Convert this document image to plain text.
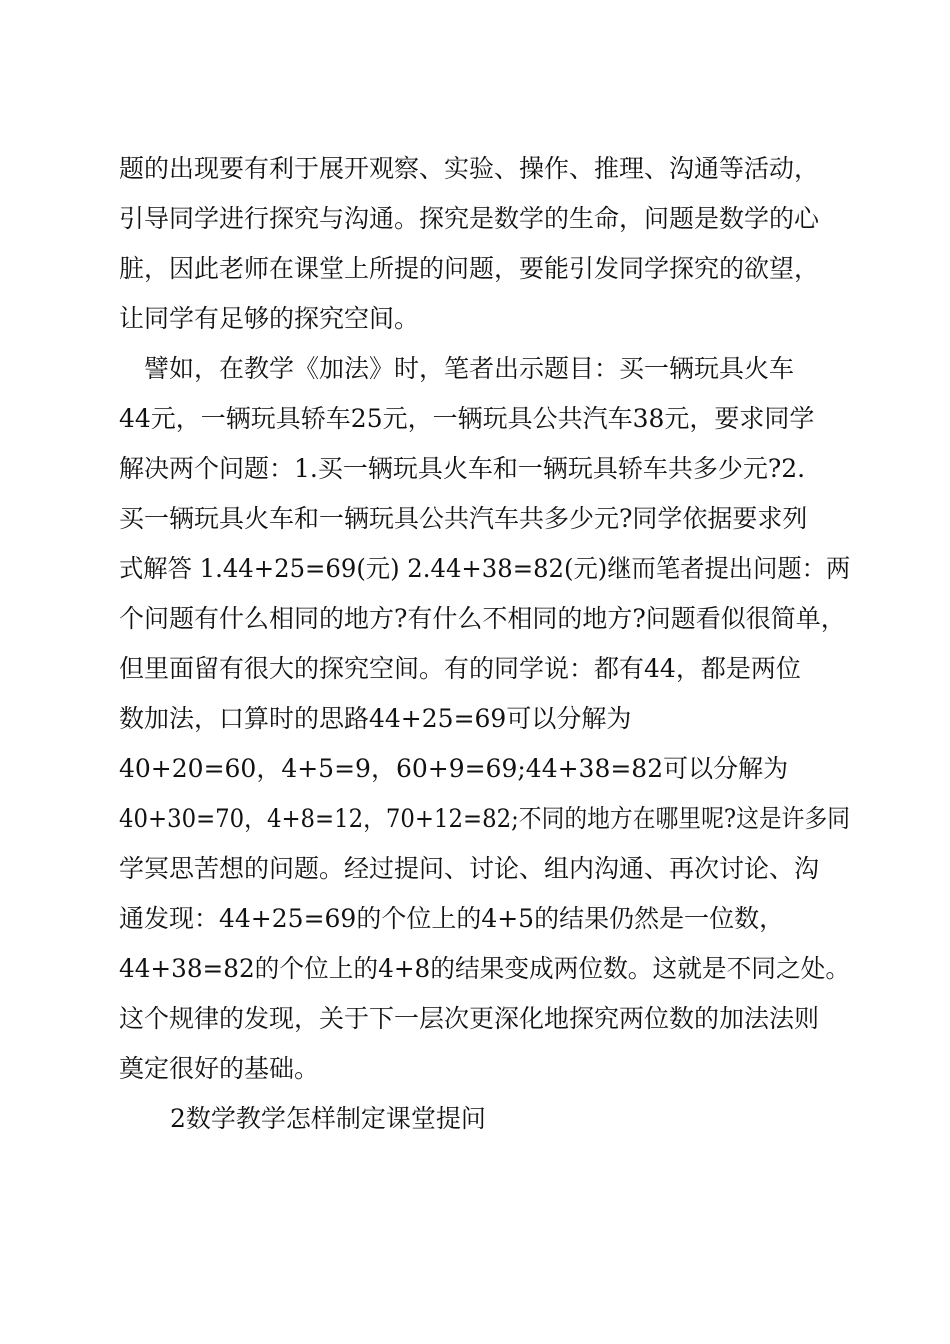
题的出现要有利于展开观察、实验、操作、推理、沟通等活动，
引导同学进行探究与沟通。探究是数学的生命，问题是数学的心
脏，因此老师在课堂上所提的问题，要能引发同学探究的欲望，
让同学有足够的探究空间。
譬如，在教学《加法》时，笔者出示题目：买一辆玩具火车
44元，一辆玩具轿车25元，一辆玩具公共汽车38元，要求同学
解决两个问题：1.买一辆玩具火车和一辆玩具轿车共多少元?2.
买一辆玩具火车和一辆玩具公共汽车共多少元?同学依据要求列
式解答 1.44+25=69(元) 2.44+38=82(元)继而笔者提出问题：两
个问题有什么相同的地方?有什么不相同的地方?问题看似很简单，
但里面留有很大的探究空间。有的同学说：都有44，都是两位
数加法，口算时的思路44+25=69可以分解为
40+20=60，4+5=9，60+9=69;44+38=82可以分解为
40+30=70，4+8=12，70+12=82;不同的地方在哪里呢?这是许多同
学冥思苦想的问题。经过提问、讨论、组内沟通、再次讨论、沟
通发现：44+25=69的个位上的4+5的结果仍然是一位数，
44+38=82的个位上的4+8的结果变成两位数。这就是不同之处。
这个规律的发现，关于下一层次更深化地探究两位数的加法法则
奠定很好的基础。
2数学教学怎样制定课堂提问
